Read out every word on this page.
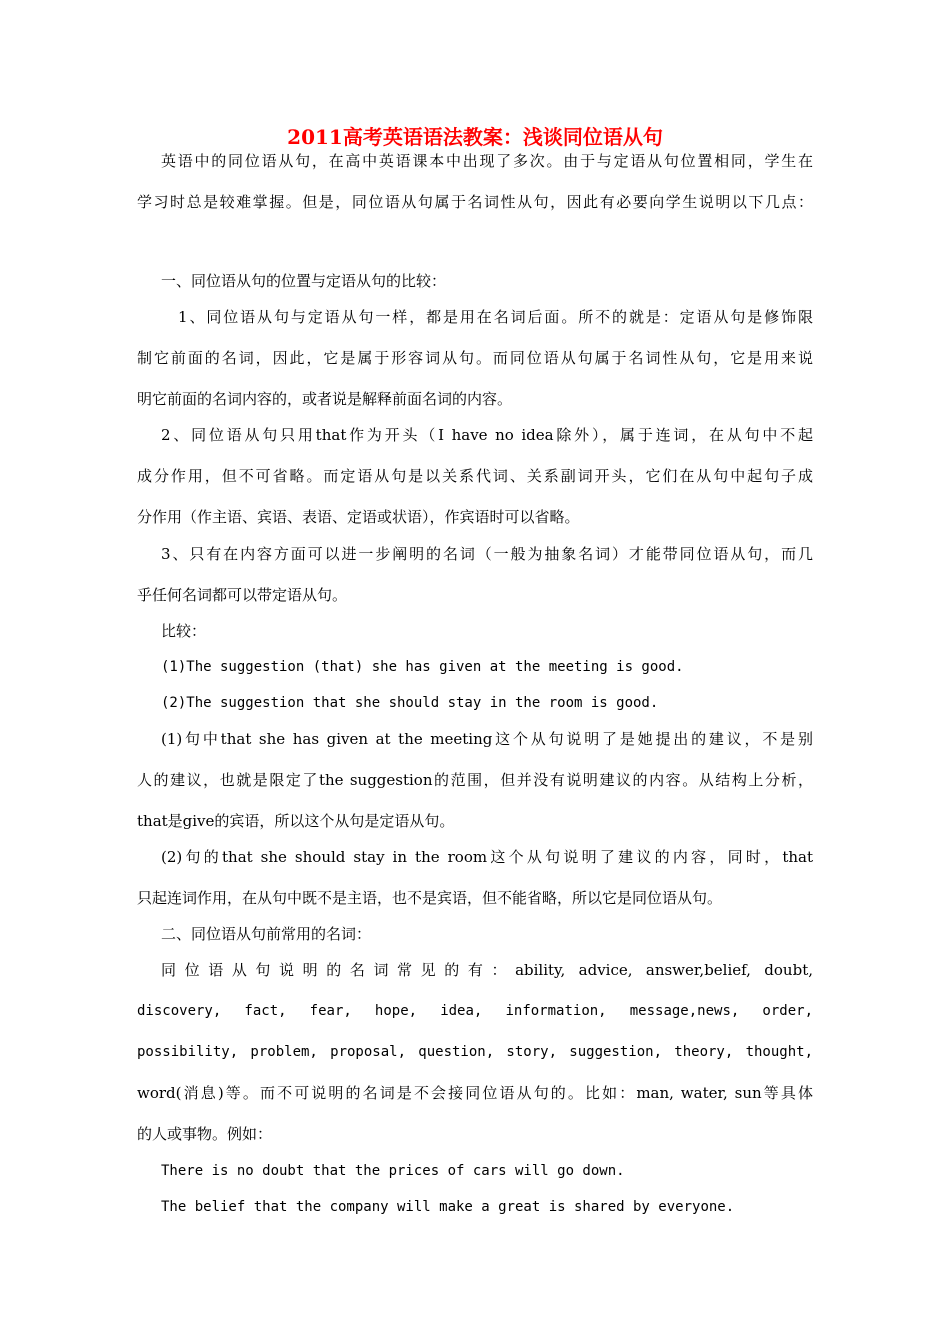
2011高考英语语法教案：浅谈同位语从句
英语中的同位语从句，在高中英语课本中出现了多次。由于与定语从句位置相同，学生在
学习时总是较难掌握。但是，同位语从句属于名词性从句，因此有必要向学生说明以下几点：
一、同位语从句的位置与定语从句的比较：
1、同位语从句与定语从句一样，都是用在名词后面。所不的就是：定语从句是修饰限
制它前面的名词，因此，它是属于形容词从句。而同位语从句属于名词性从句，它是用来说
明它前面的名词内容的，或者说是解释前面名词的内容。
2、同位语从句只用that作为开头（I have no idea除外），属于连词，在从句中不起
成分作用，但不可省略。而定语从句是以关系代词、关系副词开头，它们在从句中起句子成
分作用（作主语、宾语、表语、定语或状语），作宾语时可以省略。
3、只有在内容方面可以进一步阐明的名词（一般为抽象名词）才能带同位语从句，而几
乎任何名词都可以带定语从句。
比较：
(1)The suggestion (that) she has given at the meeting is good.
(2)The suggestion that she should stay in the room is good.
(1)句中that she has given at the meeting这个从句说明了是她提出的建议，不是别
人的建议，也就是限定了the suggestion的范围，但并没有说明建议的内容。从结构上分析，
that是give的宾语，所以这个从句是定语从句。
(2)句的that she should stay in the room这个从句说明了建议的内容，同时，that
只起连词作用，在从句中既不是主语，也不是宾语，但不能省略，所以它是同位语从句。
二、同位语从句前常用的名词：
同位语从句说明的名词常见的有：ability, advice, answer,belief, doubt,
discovery, fact, fear, hope, idea, information, message,news, order,
possibility, problem, proposal, question, story, suggestion, theory, thought,
word(消息)等。而不可说明的名词是不会接同位语从句的。比如：man, water, sun等具体
的人或事物。例如：
There is no doubt that the prices of cars will go down.
The belief that the company will make a great is shared by everyone.
